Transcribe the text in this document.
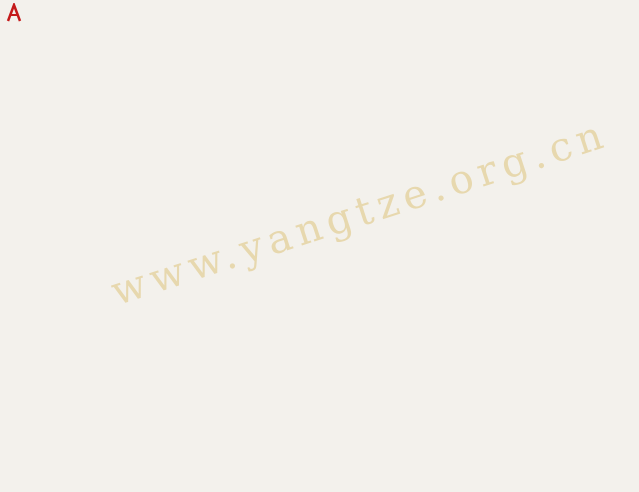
www.yangtze.org.cn
